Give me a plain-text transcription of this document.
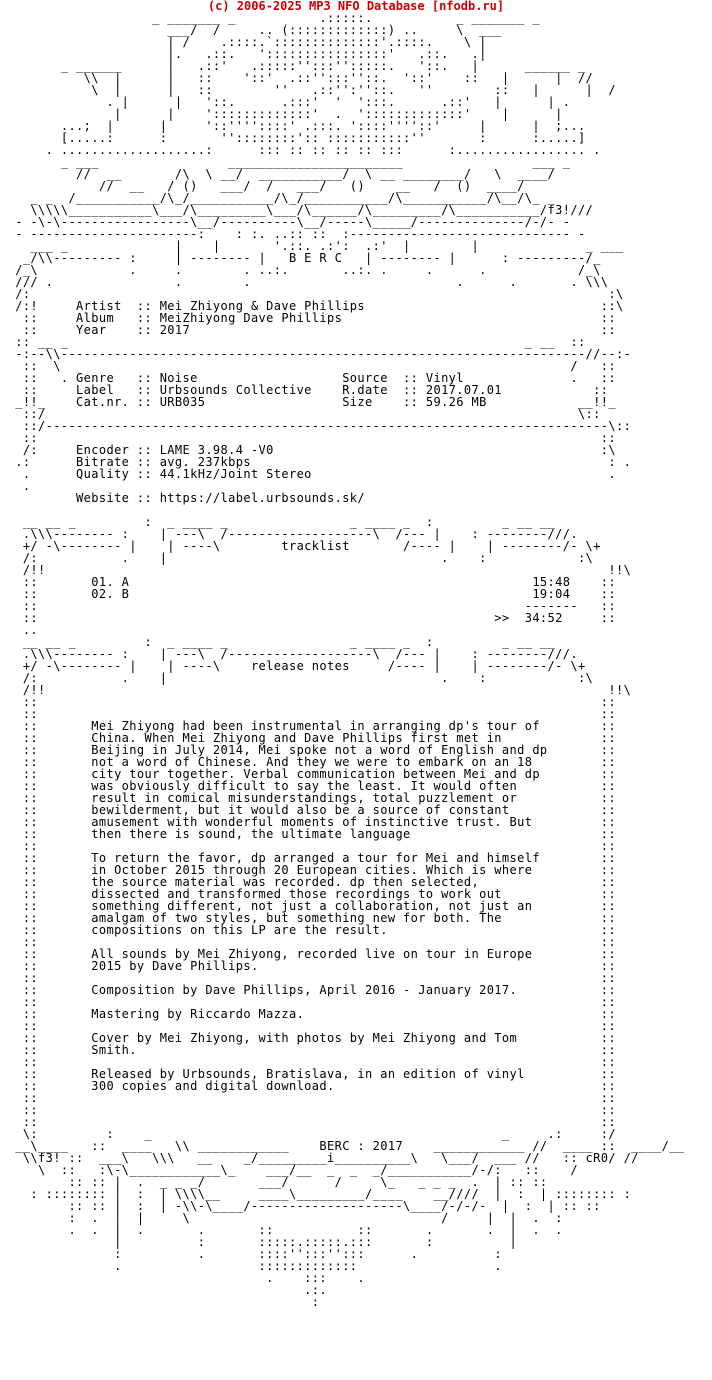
(c) 2006-2025 MP3 NFO Database [nfodb.ru]
_ _______ _           .:::::.           _ _______ _
___/  /     .. (:::::::::::::) ..     \  ___
| /    .::::.`::::::::::::::'.::::.    \ |
|.   .::.   '::::::::::::::::'   .::.   .|
_ ______      |   .::'   .:::::'':::'':::::.   '::.   |      ______ _
\\  |      |   ::    '::'  .::'':::''::.  '::'    ::   |      |  //
\  |      |   ::        ''   .::'':''::.   ''        ::   |      |  /
. |      |   '::.      .:::'  '  ':::.      .::'   |      | .
|      |    ':::::::::::::'  .  ':::::::::::::'    |      |
...;  |      |     '::''''::::' .:::. '::::''''::'     |      |  ;...
[.....:      :       ''::::::::':: :::::::::::''       :      :.....]
. ...................:      ::: :: :: :: :: :::      :................. .
_ ___                 _______________________                 ___ _
//  __       /\  \ __/  ___________/  \ __ ________/   \  ____/
//  __   / ()   ___/  /   ___/   ()    __   /  ()  ____/
_ _  /___________/\_/___________/\_/___________/\___________/\__/\_ _
\\\\\___________\___/\_________\___/\______/\_________/\___________/f3!///
- -\-\-----------------\__/----------\__/-----\_____/--------------/-/- -
- ----------------------:    : :. ..:: ::  :----------------------------- -
___ _              |    |       '.::. .:':  .:'  |        |              _ ___
_/\\--------- :     | -------- |   B E R C   | -------- |      : ---------/_
/_\            .     .        . ..:.       ..:. .     .      .            /_\
/// .                .        .                           .      .       . \\\
/:                                                                            :\
/:!     Artist  :: Mei Zhiyong & Dave Phillips                               ::\
::     Album   :: MeiZhiyong Dave Phillips                                  ::
::     Year    :: 2017                                                      ::
:: __ _                                                            _ __  ::
-:--\\---------------------------------------------------------------------//--:-
::  \                                                                   /   ::
::   . Genre   :: Noise                   Source  :: Vinyl              .   ::
::     Label   :: Urbsounds Collective    R.date  :: 2017.07.01            ::
_!!_    Cat.nr. :: URB035                  Size    :: 59.26 MB            __!!_
::/                                                                      \::
::/--------------------------------------------------------------------------\::
::                                                                          ::
/:     Encoder :: LAME 3.98.4 -V0                                           :\
.:      Bitrate :: avg. 237kbps                                               : .
.      Quality :: 44.1kHz/Joint Stereo                                       .
.
Website :: https://label.urbsounds.sk/

__ __ _         :  _ ____ _                _ ____ _  :         _ __ __
.\\\-------- :    | ---\  /-------------------\  /--- |    : --------///.
+/ -\-------- |    | ----\        tracklist       /---- |    | --------/- \+
/:           .    |                                    .    :            :\
/!!                                                                          !!\
::       01. A                                                     15:48    ::
::       02. B                                                     19:04    ::
::                                                                -------   ::
::                                                            >>  34:52     ::
..
__ __ _         :  _ ____ _                _ ____ _  :         _ __ __
.\\\-------- :    | ---\  /-------------------\  /--- |    : --------///.
+/ -\-------- |    | ----\    release notes     /---- |    | --------/- \+
/:           .    |                                    .    :            :\
/!!                                                                          !!\
::                                                                          ::
::                                                                          ::
::       Mei Zhiyong had been instrumental in arranging dp's tour of        ::
::       China. When Mei Zhiyong and Dave Phillips first met in             ::
::       Beijing in July 2014, Mei spoke not a word of English and dp       ::
::       not a word of Chinese. And they we were to embark on an 18         ::
::       city tour together. Verbal communication between Mei and dp        ::
::       was obviously difficult to say the least. It would often           ::
::       result in comical misunderstandings, total puzzlement or           ::
::       bewilderment, but it would also be a source of constant            ::
::       amusement with wonderful moments of instinctive trust. But         ::
::       then there is sound, the ultimate language                         ::
::                                                                          ::
::       To return the favor, dp arranged a tour for Mei and himself        ::
::       in October 2015 through 20 European cities. Which is where         ::
::       the source material was recorded. dp then selected,                ::
::       dissected and transformed those recordings to work out             ::
::       something different, not just a collaboration, not just an         ::
::       amalgam of two styles, but something new for both. The             ::
::       compositions on this LP are the result.                            ::
::                                                                          ::
::       All sounds by Mei Zhiyong, recorded live on tour in Europe         ::
::       2015 by Dave Phillips.                                             ::
::                                                                          ::
::       Composition by Dave Phillips, April 2016 - January 2017.           ::
::                                                                          ::
::       Mastering by Riccardo Mazza.                                       ::
::                                                                          ::
::       Cover by Mei Zhiyong, with photos by Mei Zhiyong and Tom           ::
::       Smith.                                                             ::
::                                                                          ::
::       Released by Urbsounds, Bratislava, in an edition of vinyl          ::
::       300 copies and digital download.                                   ::
::                                                                          ::
::                                                                          ::
::                                                                          ::
\:         :    _                                              _     .:     :/
__\____   ::  ____   \\ ____________    BERC : 2017    ____________ //  ____ ::  ____/__
\\f3! ::  ___\   \\\   __    _/_________i__________\   \___/  ___ //   :: cR0/ //
\  ::   :\-\____________\_    ___/__  _  _  _/___________/-/:   ::    /
:: :: |  .  _ _ _/       ___/      /     \_   _ _ _  .  | :: ::
: :::::::: |  :  | \\\\__     ____\_________/____    __////  |  :  | :::::::: :
:: :: |  :  | -\\-\____/--------------------\____/-/-/-  |  :  | :: ::
:  .  |  |     \                                 /     |  |  .  :
.  .  |  .       .       ::           ::       .       .  |  .  .
|          :       :::::.:::::.:::       :          |
:          .       ::::'':::'':::      .          :
.                  :::::::::::::                  .
.    :::    .
.:.
:
